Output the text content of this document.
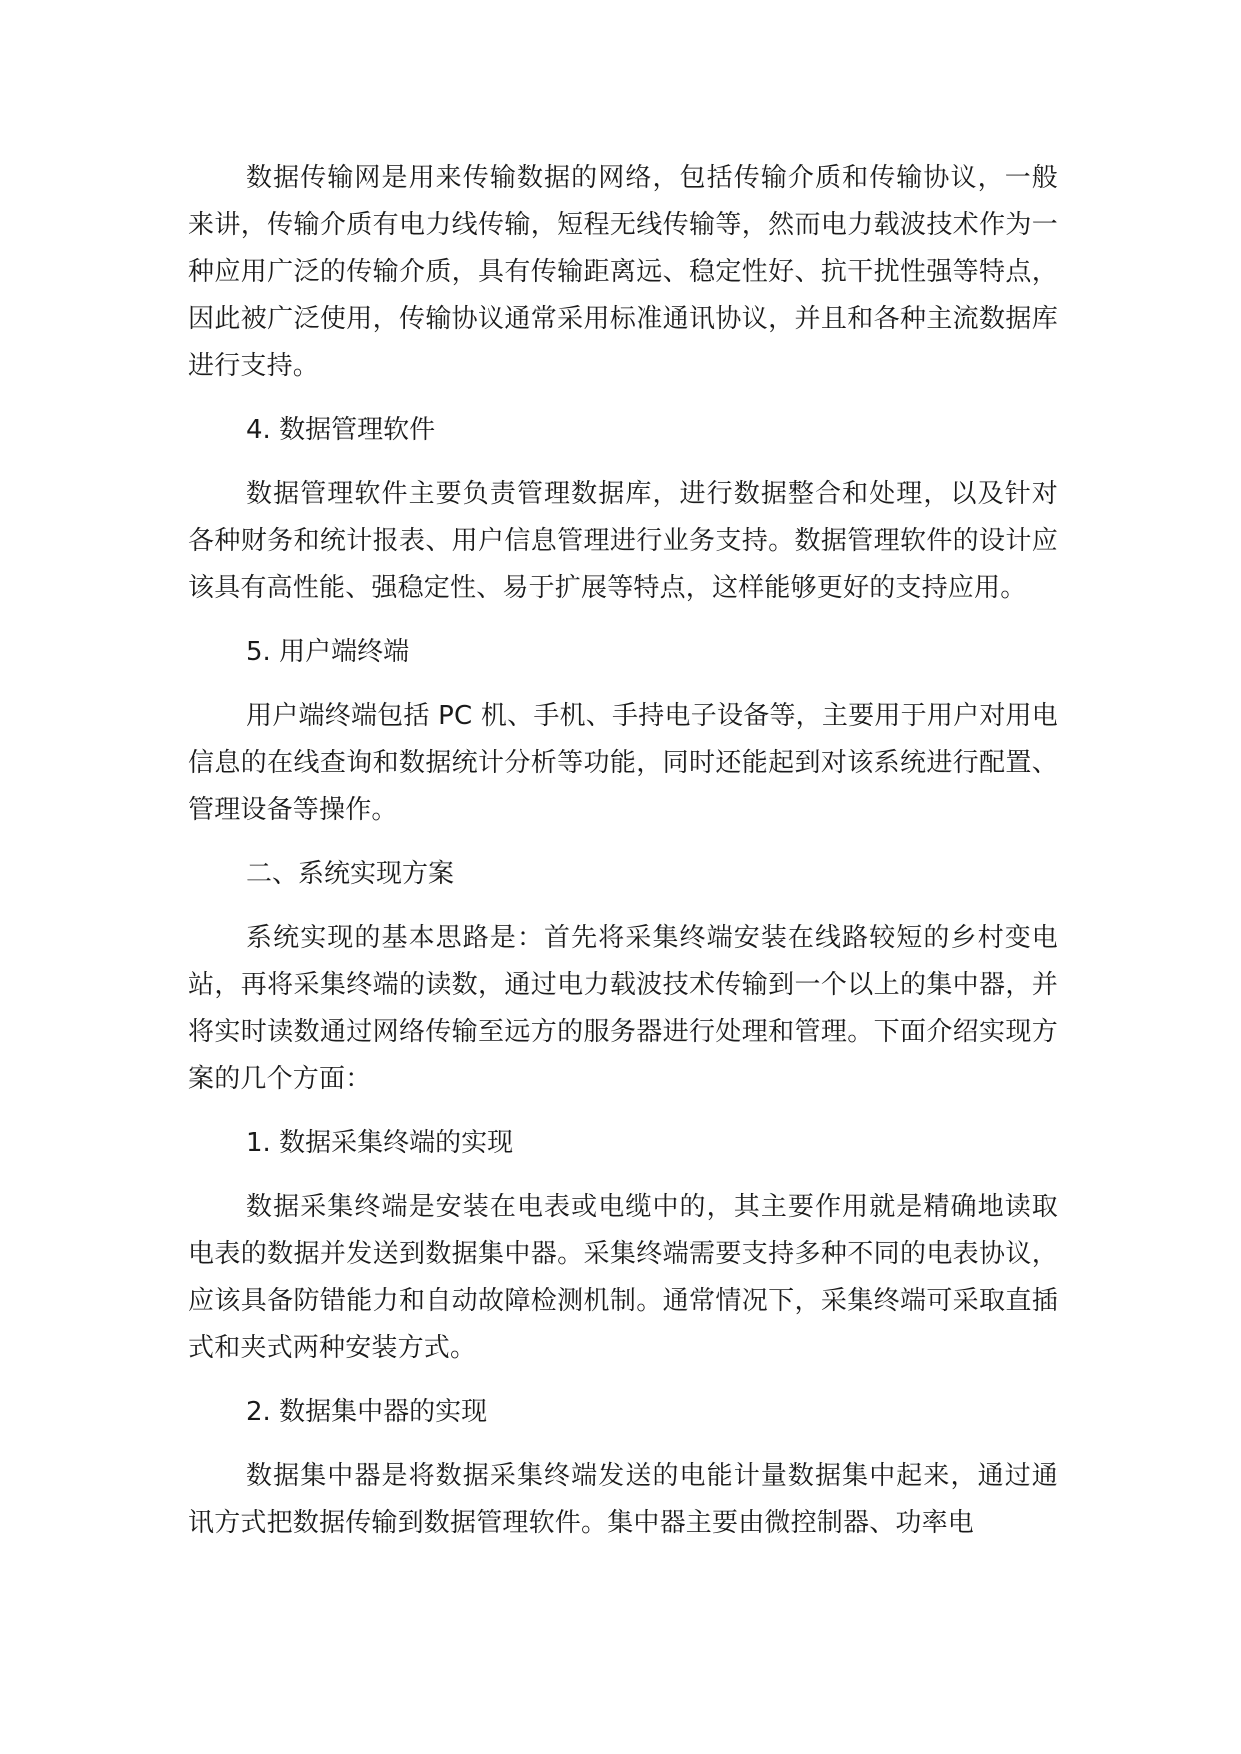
数据传输网是用来传输数据的网络，包括传输介质和传输协议，一般来讲，传输介质有电力线传输，短程无线传输等，然而电力载波技术作为一种应用广泛的传输介质，具有传输距离远、稳定性好、抗干扰性强等特点，因此被广泛使用，传输协议通常采用标准通讯协议，并且和各种主流数据库进行支持。

4. 数据管理软件

数据管理软件主要负责管理数据库，进行数据整合和处理，以及针对各种财务和统计报表、用户信息管理进行业务支持。数据管理软件的设计应该具有高性能、强稳定性、易于扩展等特点，这样能够更好的支持应用。

5. 用户端终端

用户端终端包括 PC 机、手机、手持电子设备等，主要用于用户对用电信息的在线查询和数据统计分析等功能，同时还能起到对该系统进行配置、管理设备等操作。

二、系统实现方案

系统实现的基本思路是：首先将采集终端安装在线路较短的乡村变电站，再将采集终端的读数，通过电力载波技术传输到一个以上的集中器，并将实时读数通过网络传输至远方的服务器进行处理和管理。下面介绍实现方案的几个方面：

1. 数据采集终端的实现

数据采集终端是安装在电表或电缆中的，其主要作用就是精确地读取电表的数据并发送到数据集中器。采集终端需要支持多种不同的电表协议，应该具备防错能力和自动故障检测机制。通常情况下，采集终端可采取直插式和夹式两种安装方式。

2. 数据集中器的实现

数据集中器是将数据采集终端发送的电能计量数据集中起来，通过通讯方式把数据传输到数据管理软件。集中器主要由微控制器、功率电
